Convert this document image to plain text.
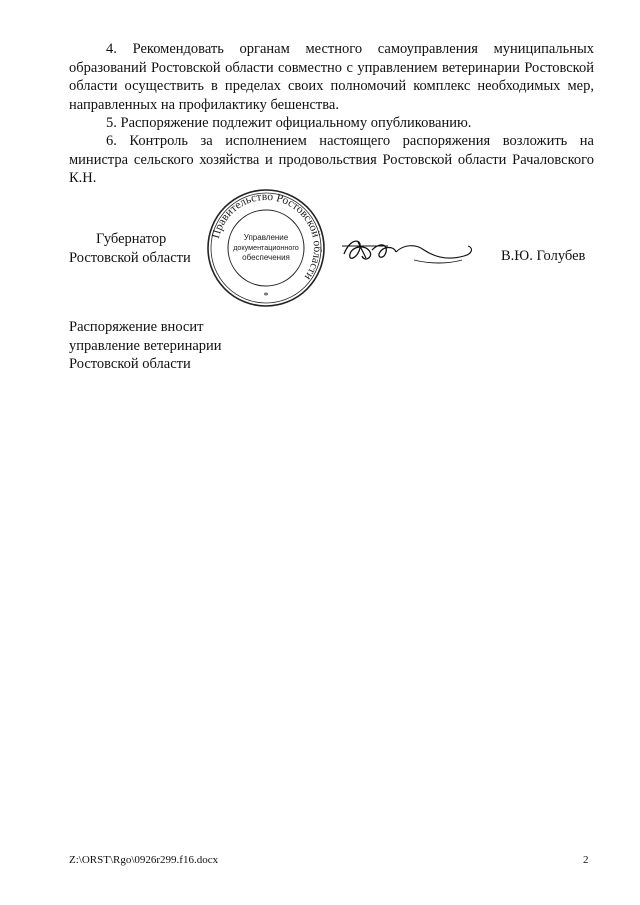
4. Рекомендовать органам местного самоуправления муниципальных образований Ростовской области совместно с управлением ветеринарии Ростовской области осуществить в пределах своих полномочий комплекс необходимых мер, направленных на профилактику бешенства.
5. Распоряжение подлежит официальному опубликованию.
6. Контроль за исполнением настоящего распоряжения возложить на министра сельского хозяйства и продовольствия Ростовской области Рачаловского К.Н.
Губернатор
Ростовской области
Правительство Ростовской области
Управление
документационного
обеспечения
*
В.Ю. Голубев
Распоряжение вносит
управление ветеринарии
Ростовской области
Z:\ORST\Rgo\0926r299.f16.docx	2
